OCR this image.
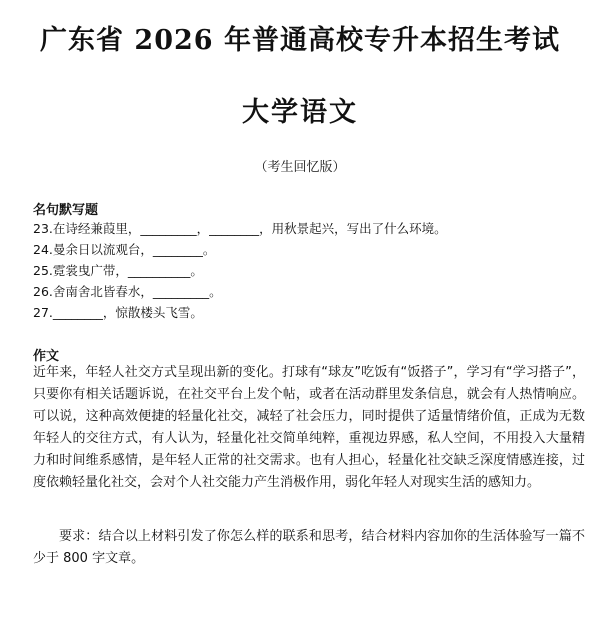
广东省 2026 年普通高校专升本招生考试
大学语文

（考生回忆版）

名句默写题

23.在诗经兼葭里，_________，________，用秋景起兴，写出了什么环境。
24.曼余日以流观台，________。
25.霓裳曳广带，__________。
26.舍南舍北皆春水，_________。
27.________，惊散楼头飞雪。

作文

近年来，年轻人社交方式呈现出新的变化。打球有“球友”吃饭有“饭搭子”，学习有“学习搭子”，只要你有相关话题诉说，在社交平台上发个帖，或者在活动群里发条信息，就会有人热情响应。可以说，这种高效便捷的轻量化社交，减轻了社会压力，同时提供了适量情绪价值，正成为无数年轻人的交往方式，有人认为，轻量化社交简单纯粹，重视边界感，私人空间，不用投入大量精力和时间维系感情，是年轻人正常的社交需求。也有人担心，轻量化社交缺乏深度情感连接，过度依赖轻量化社交，会对个人社交能力产生消极作用，弱化年轻人对现实生活的感知力。

要求：结合以上材料引发了你怎么样的联系和思考，结合材料内容加你的生活体验写一篇不少于 800 字文章。
